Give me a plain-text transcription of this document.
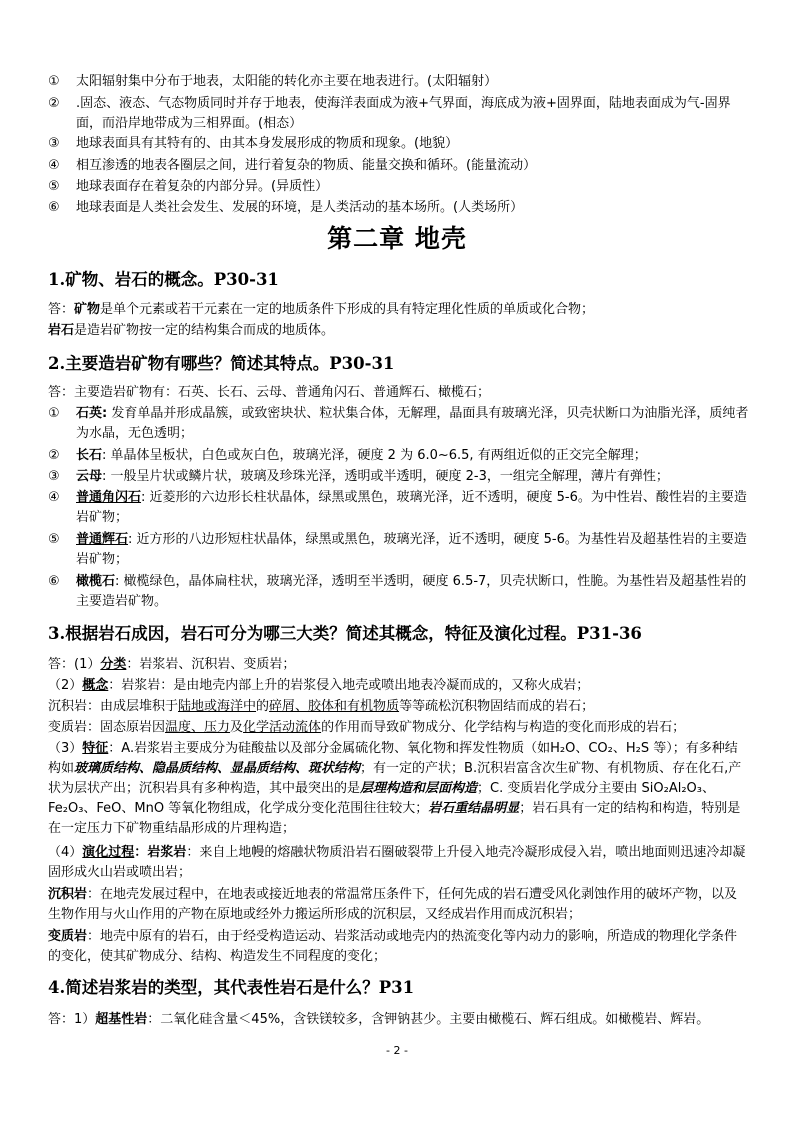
①	太阳辐射集中分布于地表，太阳能的转化亦主要在地表进行。(太阳辐射）
②	.固态、液态、气态物质同时并存于地表，使海洋表面成为液+气界面，海底成为液+固界面，陆地表面成为气-固界面，而沿岸地带成为三相界面。(相态）
③	地球表面具有其特有的、由其本身发展形成的物质和现象。(地貌）
④	相互渗透的地表各圈层之间，进行着复杂的物质、能量交换和循环。(能量流动）
⑤	地球表面存在着复杂的内部分异。(异质性）
⑥	地球表面是人类社会发生、发展的环境，是人类活动的基本场所。(人类场所）
第二章 地壳
1.矿物、岩石的概念。P30-31
答：矿物是单个元素或若干元素在一定的地质条件下形成的具有特定理化性质的单质或化合物；
岩石是造岩矿物按一定的结构集合而成的地质体。
2.主要造岩矿物有哪些？简述其特点。P30-31
答：主要造岩矿物有：石英、长石、云母、普通角闪石、普通辉石、橄榄石；
①	石英: 发育单晶并形成晶簇，或致密块状、粒状集合体，无解理，晶面具有玻璃光泽，贝壳状断口为油脂光泽，质纯者为水晶，无色透明；
②	长石: 单晶体呈板状，白色或灰白色，玻璃光泽，硬度 2 为 6.0~6.5, 有两组近似的正交完全解理；
③	云母: 一般呈片状或鳞片状，玻璃及珍珠光泽，透明或半透明，硬度 2-3，一组完全解理，薄片有弹性；
④	普通角闪石: 近菱形的六边形长柱状晶体，绿黑或黑色，玻璃光泽，近不透明，硬度 5-6。为中性岩、酸性岩的主要造岩矿物；
⑤	普通辉石: 近方形的八边形短柱状晶体，绿黑或黑色，玻璃光泽，近不透明，硬度 5-6。为基性岩及超基性岩的主要造岩矿物；
⑥	橄榄石: 橄榄绿色，晶体扁柱状，玻璃光泽，透明至半透明，硬度 6.5-7，贝壳状断口，性脆。为基性岩及超基性岩的主要造岩矿物。
3.根据岩石成因，岩石可分为哪三大类？简述其概念，特征及演化过程。P31-36
答：(1）分类：岩浆岩、沉积岩、变质岩；
（2）概念：岩浆岩：是由地壳内部上升的岩浆侵入地壳或喷出地表冷凝而成的，又称火成岩；
沉积岩：由成层堆积于陆地或海洋中的碎屑、胶体和有机物质等等疏松沉积物固结而成的岩石；
变质岩：固态原岩因温度、压力及化学活动流体的作用而导致矿物成分、化学结构与构造的变化而形成的岩石；
（3）特征：A.岩浆岩主要成分为硅酸盐以及部分金属硫化物、氧化物和挥发性物质（如H₂O、CO₂、H₂S 等）；有多种结构如玻璃质结构、隐晶质结构、显晶质结构、斑状结构；有一定的产状；B.沉积岩富含次生矿物、有机物质、存在化石,产状为层状产出；沉积岩具有多种构造，其中最突出的是层理构造和层面构造；C. 变质岩化学成分主要由 SiO₂Al₂O₃、Fe₂O₃、FeO、MnO 等氧化物组成，化学成分变化范围往往较大；岩石重结晶明显；岩石具有一定的结构和构造，特别是在一定压力下矿物重结晶形成的片理构造；
（4）演化过程：岩浆岩：来自上地幔的熔融状物质沿岩石圈破裂带上升侵入地壳冷凝形成侵入岩，喷出地面则迅速冷却凝固形成火山岩或喷出岩；
沉积岩：在地壳发展过程中，在地表或接近地表的常温常压条件下，任何先成的岩石遭受风化剥蚀作用的破坏产物，以及生物作用与火山作用的产物在原地或经外力搬运所形成的沉积层，又经成岩作用而成沉积岩；
变质岩：地壳中原有的岩石，由于经受构造运动、岩浆活动或地壳内的热流变化等内动力的影响，所造成的物理化学条件的变化，使其矿物成分、结构、构造发生不同程度的变化；
4.简述岩浆岩的类型，其代表性岩石是什么？P31
答：1）超基性岩：二氧化硅含量＜45%，含铁镁较多，含钾钠甚少。主要由橄榄石、辉石组成。如橄榄岩、辉岩。
- 2 -
